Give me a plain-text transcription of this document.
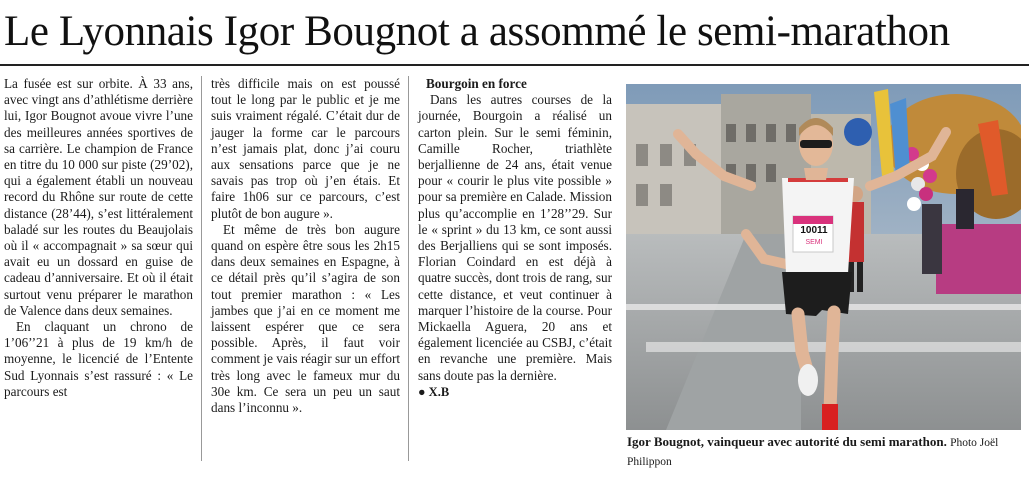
Le Lyonnais Igor Bougnot a assommé le semi-marathon

La fusée est sur orbite. À 33 ans, avec vingt ans d’athlétisme derrière lui, Igor Bougnot avoue vivre l’une des meilleures années sportives de sa carrière. Le champion de France en titre du 10 000 sur piste (29’02), qui a également établi un nouveau record du Rhône sur route de cette distance (28’44), s’est littéralement baladé sur les routes du Beaujolais où il « accompagnait » sa sœur qui avait eu un dossard en guise de cadeau d’anniversaire. Et où il était surtout venu préparer le marathon de Valence dans deux semaines.

En claquant un chrono de 1’06’’21 à plus de 19 km/h de moyenne, le licencié de l’Entente Sud Lyonnais s’est rassuré : « Le parcours est

très difficile mais on est poussé tout le long par le public et je me suis vraiment régalé. C’était dur de jauger la forme car le parcours n’est jamais plat, donc j’ai couru aux sensations parce que je ne savais pas trop où j’en étais. Et faire 1h06 sur ce parcours, c’est plutôt de bon augure ».

Et même de très bon augure quand on espère être sous les 2h15 dans deux semaines en Espagne, à ce détail près qu’il s’agira de son tout premier marathon : « Les jambes que j’ai en ce moment me laissent espérer que ce sera possible. Après, il faut voir comment je vais réagir sur un effort très long avec le fameux mur du 30e km. Ce sera un peu un saut dans l’inconnu ».

Bourgoin en force

Dans les autres courses de la journée, Bourgoin a réalisé un carton plein. Sur le semi féminin, Camille Rocher, triathlète berjallienne de 24 ans, était venue pour « courir le plus vite possible » pour sa première en Calade. Mission plus qu’accomplie en 1’28’’29. Sur le « sprint » du 13 km, ce sont aussi des Berjalliens qui se sont imposés. Florian Coindard en est déjà à quatre succès, dont trois de rang, sur cette distance, et veut continuer à marquer l’histoire de la course. Pour Mickaella Aguera, 20 ans et également licenciée au CSBJ, c’était en revanche une première. Mais sans doute pas la dernière.

● X.B

10011
SEMI
Igor Bougnot, vainqueur avec autorité du semi marathon. Photo Joël Philippon
